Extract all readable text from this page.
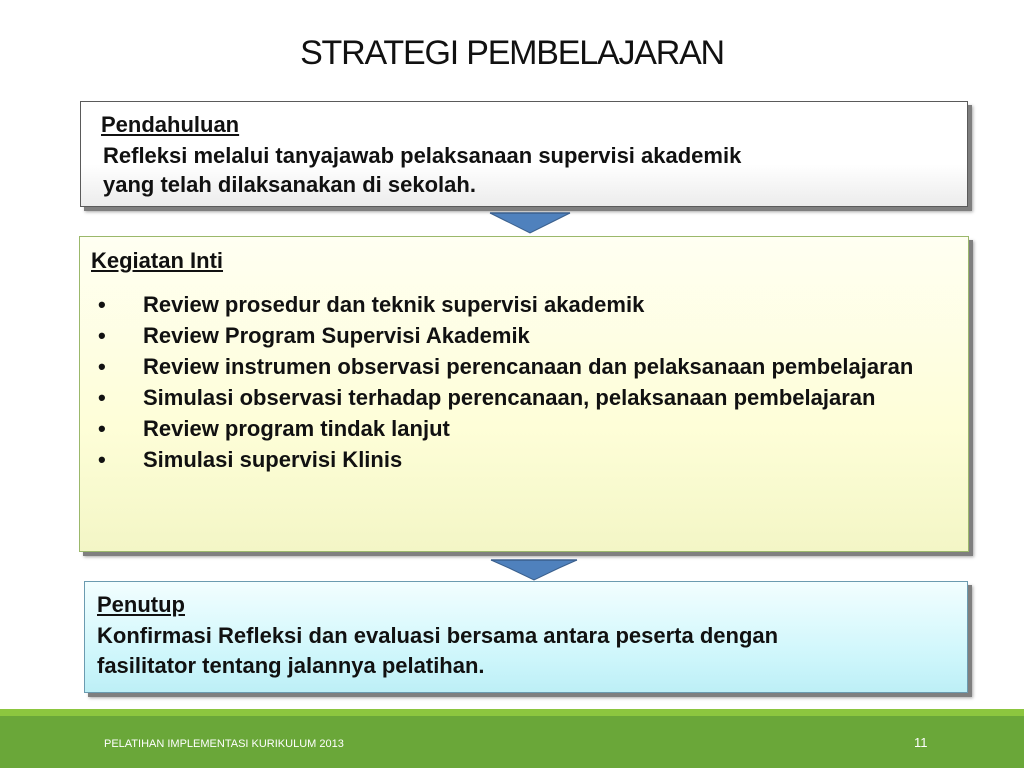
STRATEGI PEMBELAJARAN
Pendahuluan
Refleksi melalui tanyajawab pelaksanaan supervisi akademik
yang telah dilaksanakan di sekolah.
Kegiatan Inti
• Review prosedur dan teknik supervisi akademik
• Review Program Supervisi Akademik
• Review instrumen observasi perencanaan dan pelaksanaan pembelajaran
• Simulasi observasi terhadap perencanaan, pelaksanaan pembelajaran
• Review program tindak lanjut
• Simulasi supervisi Klinis
Penutup
Konfirmasi Refleksi dan evaluasi bersama antara peserta dengan
fasilitator tentang jalannya pelatihan.
PELATIHAN IMPLEMENTASI KURIKULUM 2013	11
